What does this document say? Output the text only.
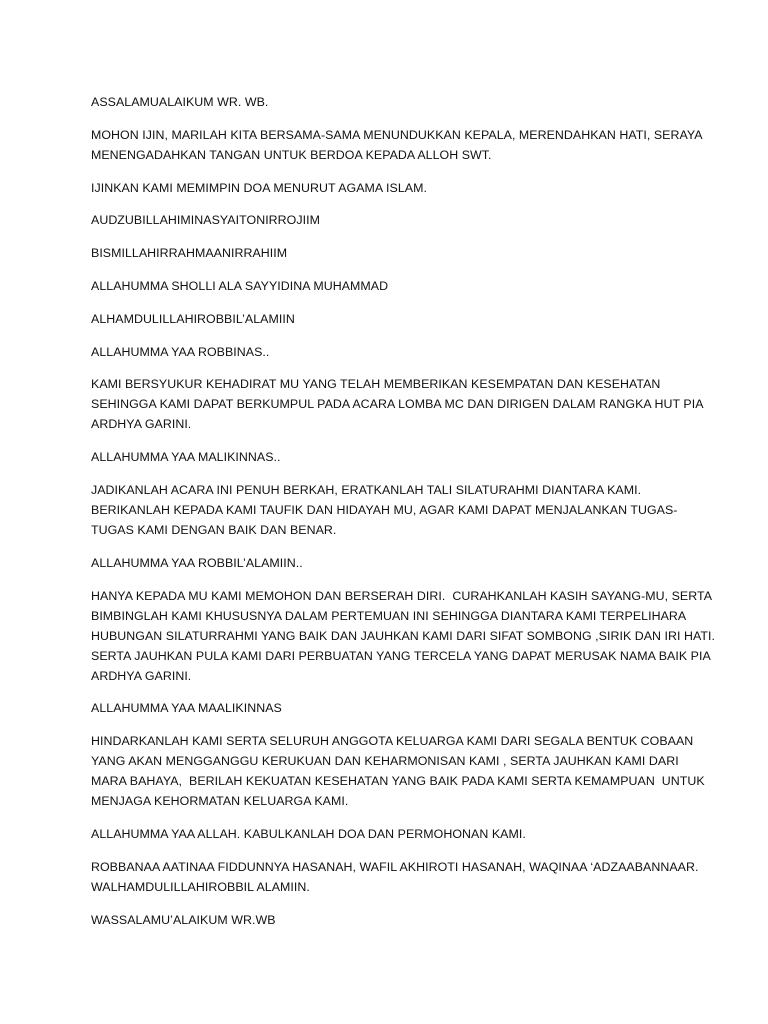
ASSALAMUALAIKUM WR. WB.
MOHON IJIN, MARILAH KITA BERSAMA-SAMA MENUNDUKKAN KEPALA, MERENDAHKAN HATI, SERAYA
MENENGADAHKAN TANGAN UNTUK BERDOA KEPADA ALLOH SWT.
IJINKAN KAMI MEMIMPIN DOA MENURUT AGAMA ISLAM.
AUDZUBILLAHIMINASYAITONIRROJIIM
BISMILLAHIRRAHMAANIRRAHIIM
ALLAHUMMA SHOLLI ALA SAYYIDINA MUHAMMAD
ALHAMDULILLAHIROBBIL’ALAMIIN
ALLAHUMMA YAA ROBBINAS..
KAMI BERSYUKUR KEHADIRAT MU YANG TELAH MEMBERIKAN KESEMPATAN DAN KESEHATAN
SEHINGGA KAMI DAPAT BERKUMPUL PADA ACARA LOMBA MC DAN DIRIGEN DALAM RANGKA HUT PIA
ARDHYA GARINI.
ALLAHUMMA YAA MALIKINNAS..
JADIKANLAH ACARA INI PENUH BERKAH, ERATKANLAH TALI SILATURAHMI DIANTARA KAMI.
BERIKANLAH KEPADA KAMI TAUFIK DAN HIDAYAH MU, AGAR KAMI DAPAT MENJALANKAN TUGAS-
TUGAS KAMI DENGAN BAIK DAN BENAR.
ALLAHUMMA YAA ROBBIL’ALAMIIN..
HANYA KEPADA MU KAMI MEMOHON DAN BERSERAH DIRI.  CURAHKANLAH KASIH SAYANG-MU, SERTA
BIMBINGLAH KAMI KHUSUSNYA DALAM PERTEMUAN INI SEHINGGA DIANTARA KAMI TERPELIHARA
HUBUNGAN SILATURRAHMI YANG BAIK DAN JAUHKAN KAMI DARI SIFAT SOMBONG ,SIRIK DAN IRI HATI.
SERTA JAUHKAN PULA KAMI DARI PERBUATAN YANG TERCELA YANG DAPAT MERUSAK NAMA BAIK PIA
ARDHYA GARINI.
ALLAHUMMA YAA MAALIKINNAS
HINDARKANLAH KAMI SERTA SELURUH ANGGOTA KELUARGA KAMI DARI SEGALA BENTUK COBAAN
YANG AKAN MENGGANGGU KERUKUAN DAN KEHARMONISAN KAMI , SERTA JAUHKAN KAMI DARI
MARA BAHAYA,  BERILAH KEKUATAN KESEHATAN YANG BAIK PADA KAMI SERTA KEMAMPUAN  UNTUK
MENJAGA KEHORMATAN KELUARGA KAMI.
ALLAHUMMA YAA ALLAH. KABULKANLAH DOA DAN PERMOHONAN KAMI.
ROBBANAA AATINAA FIDDUNNYA HASANAH, WAFIL AKHIROTI HASANAH, WAQINAA ‘ADZAABANNAAR.
WALHAMDULILLAHIROBBIL ALAMIIN.
WASSALAMU’ALAIKUM WR.WB
